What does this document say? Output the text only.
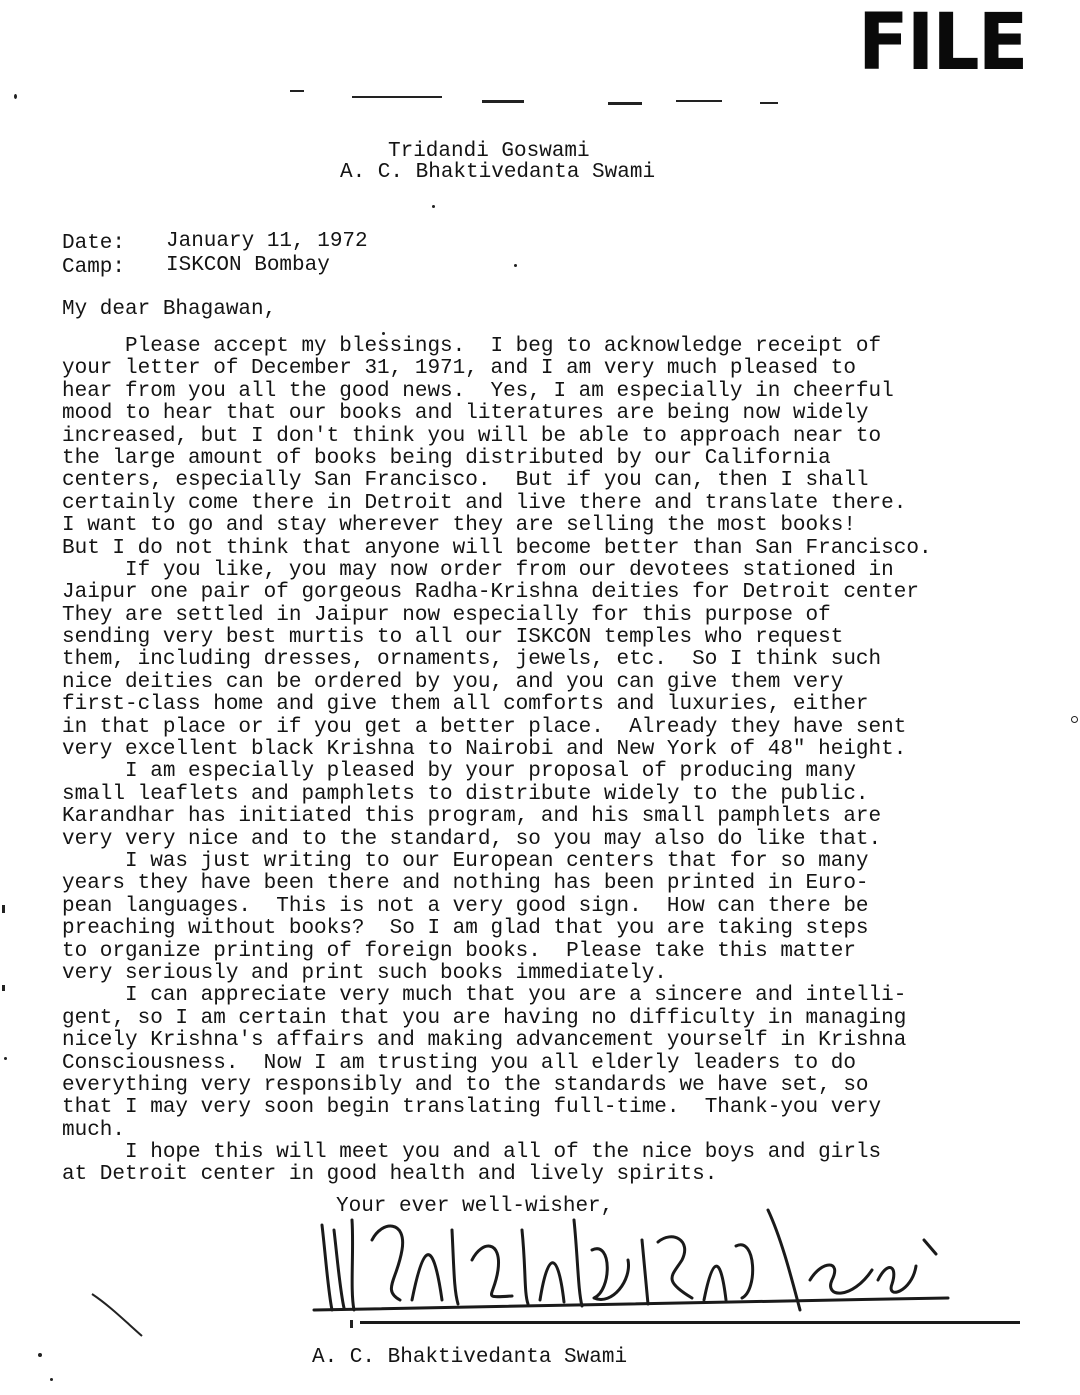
FILE
Tridandi Goswami
A. C. Bhaktivedanta Swami
Date: January 11, 1972
Camp: ISKCON Bombay
My dear Bhagawan,
Please accept my blessings.  I beg to acknowledge receipt of
your letter of December 31, 1971, and I am very much pleased to
hear from you all the good news.  Yes, I am especially in cheerful
mood to hear that our books and literatures are being now widely
increased, but I don't think you will be able to approach near to
the large amount of books being distributed by our California
centers, especially San Francisco.  But if you can, then I shall
certainly come there in Detroit and live there and translate there.
I want to go and stay wherever they are selling the most books!
But I do not think that anyone will become better than San Francisco.
If you like, you may now order from our devotees stationed in
Jaipur one pair of gorgeous Radha-Krishna deities for Detroit center
They are settled in Jaipur now especially for this purpose of
sending very best murtis to all our ISKCON temples who request
them, including dresses, ornaments, jewels, etc.  So I think such
nice deities can be ordered by you, and you can give them very
first-class home and give them all comforts and luxuries, either
in that place or if you get a better place.  Already they have sent
very excellent black Krishna to Nairobi and New York of 48" height.
I am especially pleased by your proposal of producing many
small leaflets and pamphlets to distribute widely to the public.
Karandhar has initiated this program, and his small pamphlets are
very very nice and to the standard, so you may also do like that.
I was just writing to our European centers that for so many
years they have been there and nothing has been printed in Euro-
pean languages.  This is not a very good sign.  How can there be
preaching without books?  So I am glad that you are taking steps
to organize printing of foreign books.  Please take this matter
very seriously and print such books immediately.
I can appreciate very much that you are a sincere and intelli-
gent, so I am certain that you are having no difficulty in managing
nicely Krishna's affairs and making advancement yourself in Krishna
Consciousness.  Now I am trusting you all elderly leaders to do
everything very responsibly and to the standards we have set, so
that I may very soon begin translating full-time.  Thank-you very
much.
I hope this will meet you and all of the nice boys and girls
at Detroit center in good health and lively spirits.
Your ever well-wisher,
A. C. Bhaktivedanta Swami
